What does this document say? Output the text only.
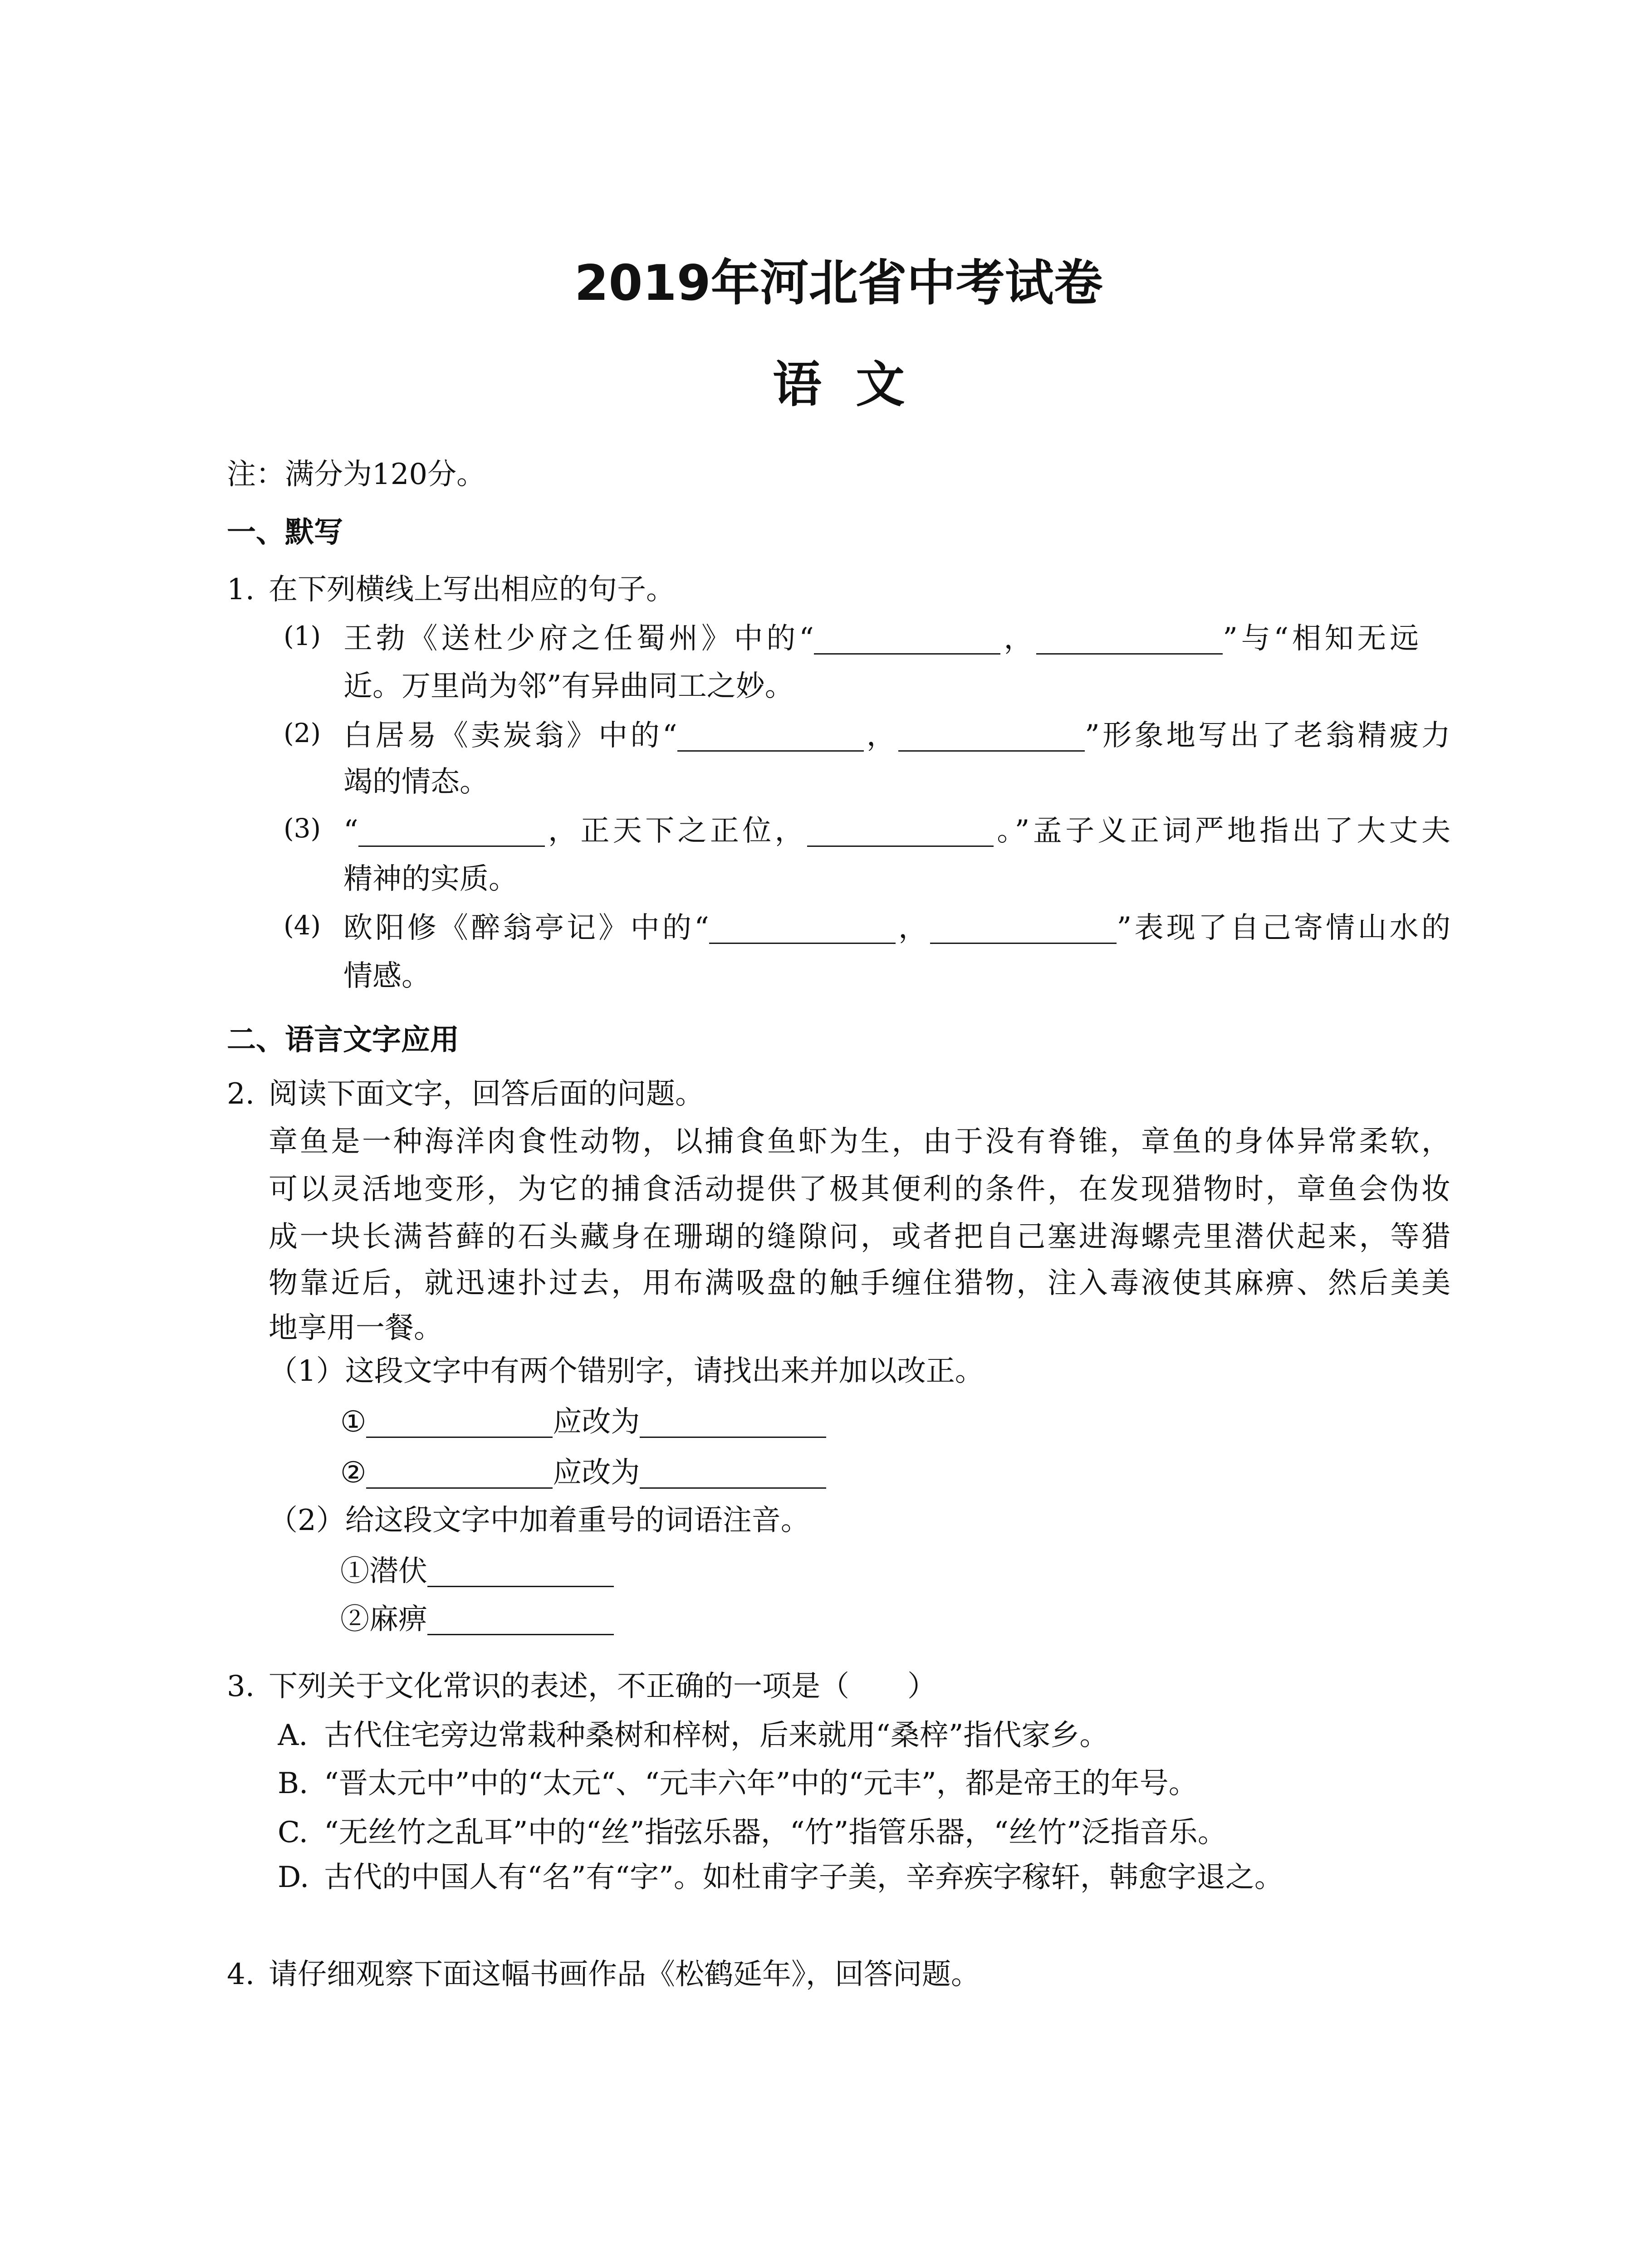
2019年河北省中考试卷
语  文
注：满分为120分。
一、默写
1. 在下列横线上写出相应的句子。
(1) 王勃《送杜少府之任蜀州》中的“	，	”与“相知无远
近。万里尚为邻”有异曲同工之妙。
(2) 白居易《卖炭翁》中的“	，	”形象地写出了老翁精疲力
竭的情态。
(3) “	，正天下之正位，	。”孟子义正词严地指出了大丈夫
精神的实质。
(4) 欧阳修《醉翁亭记》中的“	，	”表现了自己寄情山水的
情感。
二、语言文字应用
2. 阅读下面文字，回答后面的问题。
章鱼是一种海洋肉食性动物，以捕食鱼虾为生，由于没有脊锥，章鱼的身体异常柔软，
可以灵活地变形，为它的捕食活动提供了极其便利的条件，在发现猎物时，章鱼会伪妆
成一块长满苔藓的石头藏身在珊瑚的缝隙问，或者把自己塞进海螺壳里潜伏起来，等猎
物靠近后，就迅速扑过去，用布满吸盘的触手缠住猎物，注入毒液使其麻痹、然后美美
地享用一餐。
（1）这段文字中有两个错别字，请找出来并加以改正。
①	应改为
②	应改为
（2）给这段文字中加着重号的词语注音。
①潜伏
②麻痹
3. 下列关于文化常识的表述，不正确的一项是（　　）
A. 古代住宅旁边常栽种桑树和梓树，后来就用“桑梓”指代家乡。
B. “晋太元中”中的“太元“、“元丰六年”中的“元丰”，都是帝王的年号。
C. “无丝竹之乱耳”中的“丝”指弦乐器，“竹”指管乐器，“丝竹”泛指音乐。
D. 古代的中国人有“名”有“字”。如杜甫字子美，辛弃疾字稼轩，韩愈字退之。
4. 请仔细观察下面这幅书画作品《松鹤延年》，回答问题。
